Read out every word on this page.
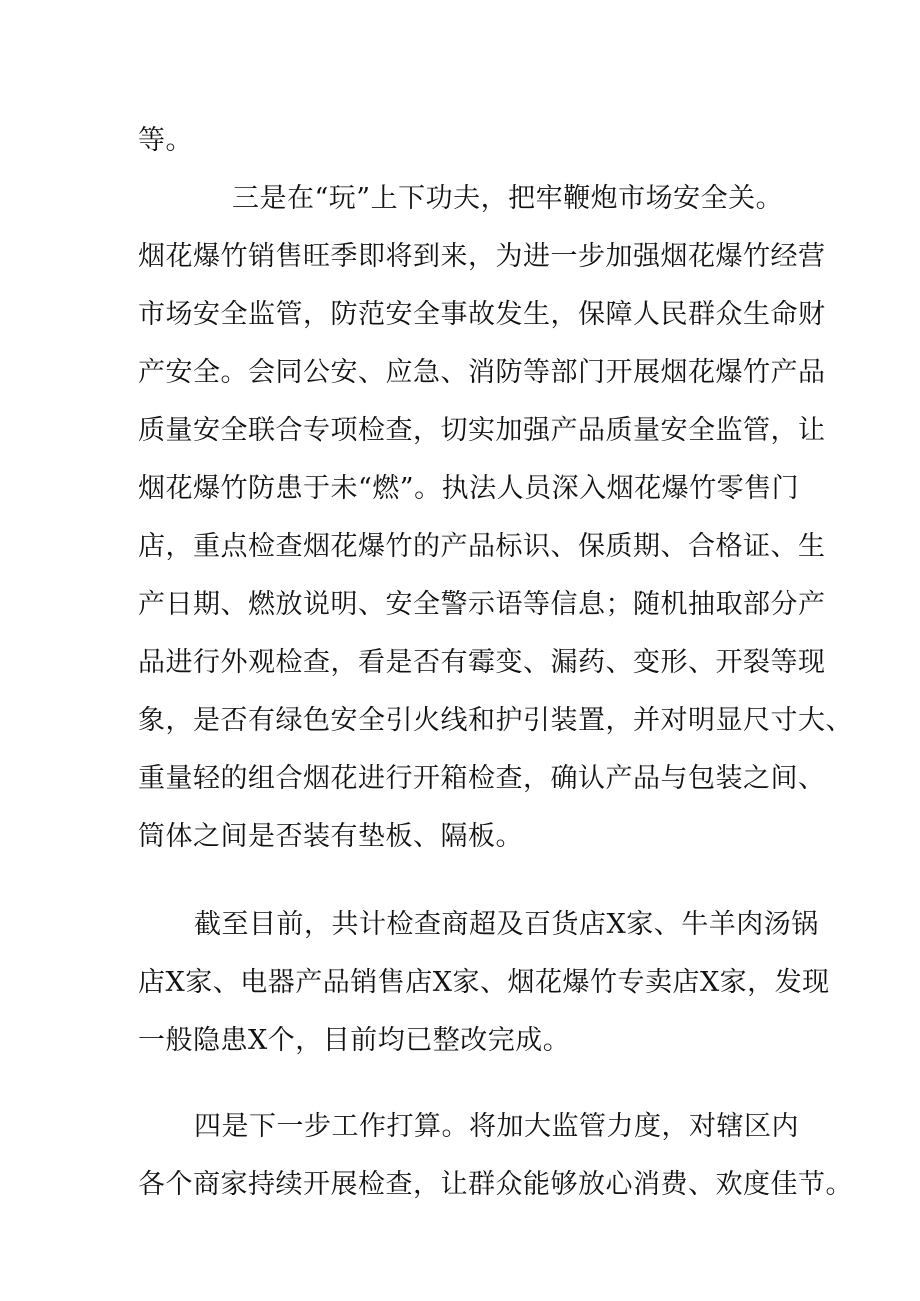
等。
三是在“玩”上下功夫，把牢鞭炮市场安全关。
烟花爆竹销售旺季即将到来，为进一步加强烟花爆竹经营
市场安全监管，防范安全事故发生，保障人民群众生命财
产安全。会同公安、应急、消防等部门开展烟花爆竹产品
质量安全联合专项检查，切实加强产品质量安全监管，让
烟花爆竹防患于未“燃”。执法人员深入烟花爆竹零售门
店，重点检查烟花爆竹的产品标识、保质期、合格证、生
产日期、燃放说明、安全警示语等信息；随机抽取部分产
品进行外观检查，看是否有霉变、漏药、变形、开裂等现
象，是否有绿色安全引火线和护引装置，并对明显尺寸大、
重量轻的组合烟花进行开箱检查，确认产品与包装之间、
筒体之间是否装有垫板、隔板。
截至目前，共计检查商超及百货店X家、牛羊肉汤锅
店X家、电器产品销售店X家、烟花爆竹专卖店X家，发现
一般隐患X个，目前均已整改完成。
四是下一步工作打算。将加大监管力度，对辖区内
各个商家持续开展检查，让群众能够放心消费、欢度佳节。
